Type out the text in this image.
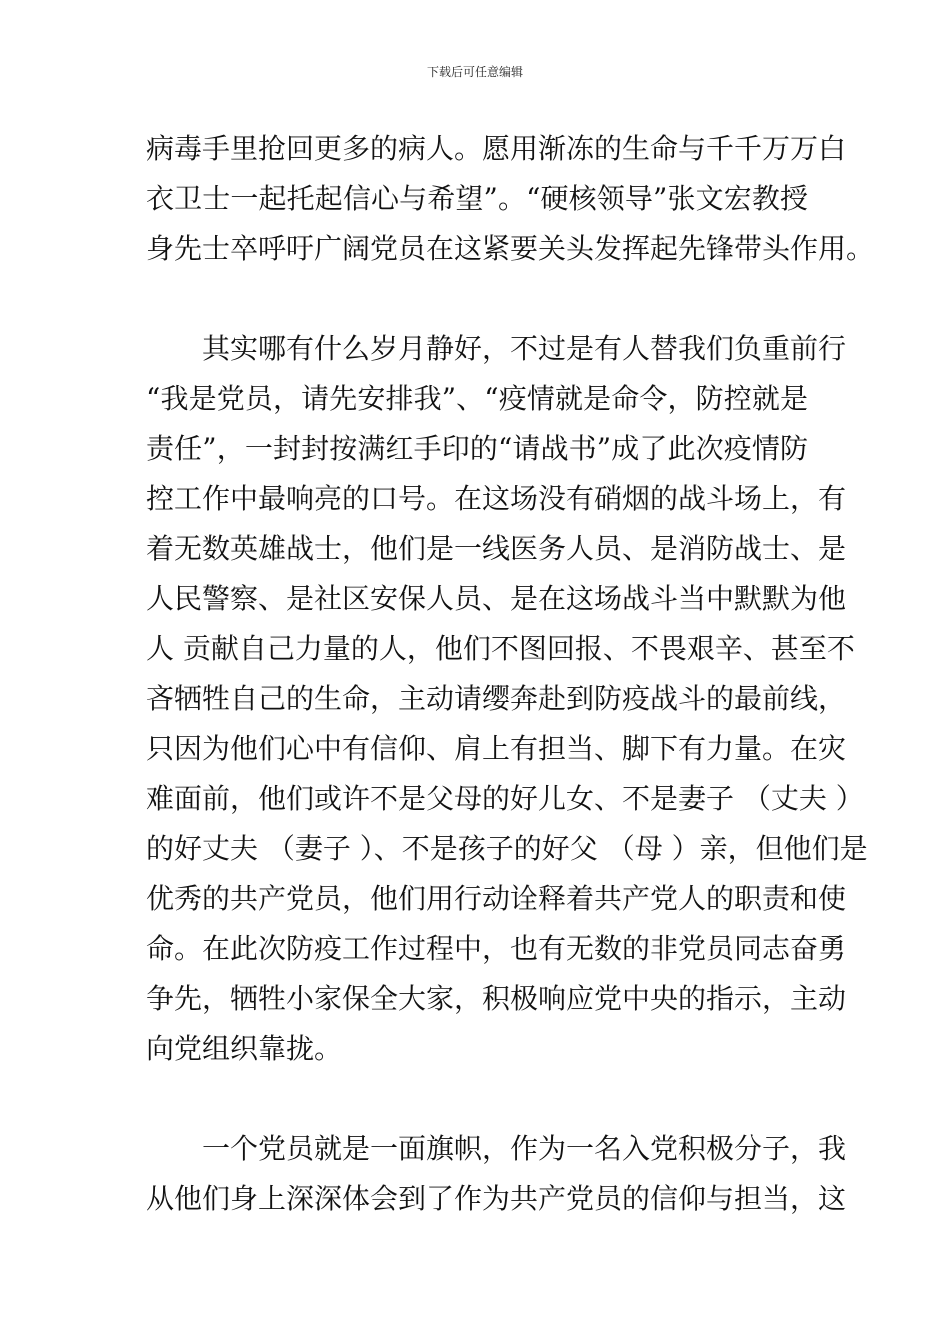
下载后可任意编辑
病毒手里抢回更多的病人。愿用渐冻的生命与千千万万白
衣卫士一起托起信心与希望”。“硬核领导”张文宏教授
身先士卒呼吁广阔党员在这紧要关头发挥起先锋带头作用。
其实哪有什么岁月静好，不过是有人替我们负重前行
“我是党员，请先安排我”、“疫情就是命令，防控就是
责任”，一封封按满红手印的“请战书”成了此次疫情防
控工作中最响亮的口号。在这场没有硝烟的战斗场上，有
着无数英雄战士，他们是一线医务人员、是消防战士、是
人民警察、是社区安保人员、是在这场战斗当中默默为他
人 贡献自己力量的人，他们不图回报、不畏艰辛、甚至不
吝牺牲自己的生命，主动请缨奔赴到防疫战斗的最前线，
只因为他们心中有信仰、肩上有担当、脚下有力量。在灾
难面前，他们或许不是父母的好儿女、不是妻子 （丈夫 ）
的好丈夫 （妻子 ）、不是孩子的好父 （母 ）亲，但他们是
优秀的共产党员，他们用行动诠释着共产党人的职责和使
命。在此次防疫工作过程中，也有无数的非党员同志奋勇
争先，牺牲小家保全大家，积极响应党中央的指示，主动
向党组织靠拢。
一个党员就是一面旗帜，作为一名入党积极分子，我
从他们身上深深体会到了作为共产党员的信仰与担当，这
